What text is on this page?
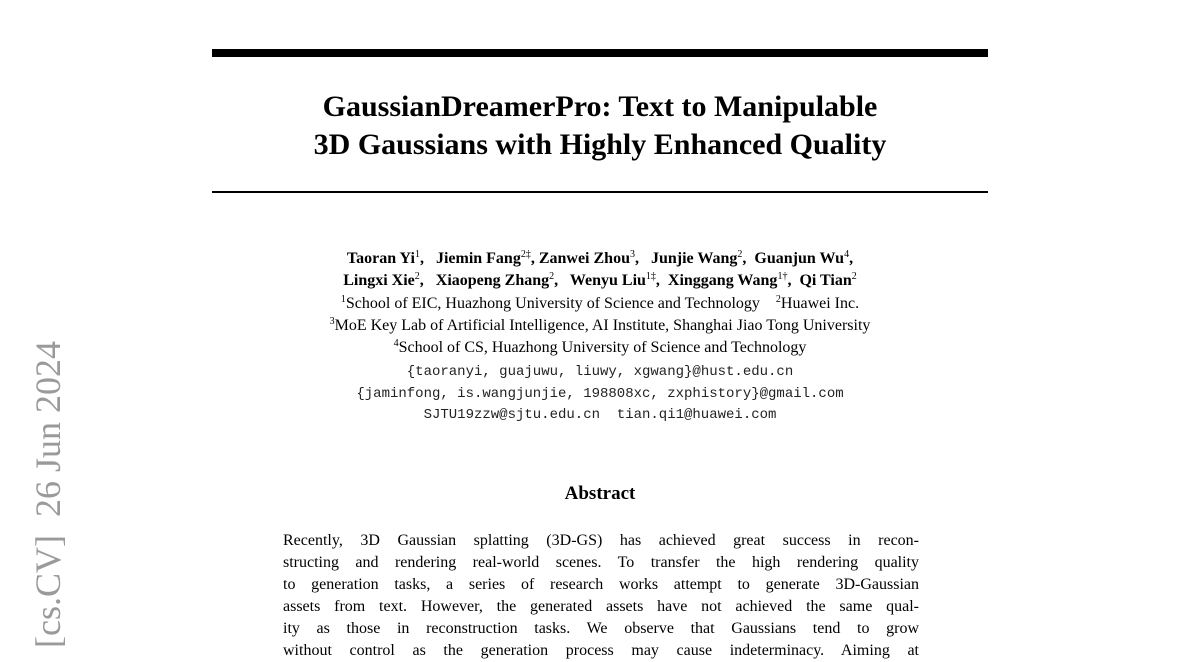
[cs.CV]  26 Jun 2024
GaussianDreamerPro: Text to Manipulable
3D Gaussians with Highly Enhanced Quality
Taoran Yi$^1$,   Jiemin Fang$^{2\ddagger}$, Zanwei Zhou$^3$,   Junjie Wang$^2$,  Guanjun Wu$^4$,
Lingxi Xie$^2$,   Xiaopeng Zhang$^2$,   Wenyu Liu$^{1\ddagger}$,  Xinggang Wang$^{1\dagger}$,  Qi Tian$^2$
$^1$School of EIC, Huazhong University of Science and Technology $^2$Huawei Inc.
$^3$MoE Key Lab of Artificial Intelligence, AI Institute, Shanghai Jiao Tong University
$^4$School of CS, Huazhong University of Science and Technology
{taoranyi, guajuwu, liuwy, xgwang}@hust.edu.cn
{jaminfong, is.wangjunjie, 198808xc, zxphistory}@gmail.com
SJTU19zzw@sjtu.edu.cn  tian.qi1@huawei.com
Abstract
Recently, 3D Gaussian splatting (3D-GS) has achieved great success in recon-
structing and rendering real-world scenes. To transfer the high rendering quality
to generation tasks, a series of research works attempt to generate 3D-Gaussian
assets from text. However, the generated assets have not achieved the same qual-
ity as those in reconstruction tasks. We observe that Gaussians tend to grow
without control as the generation process may cause indeterminacy. Aiming at
